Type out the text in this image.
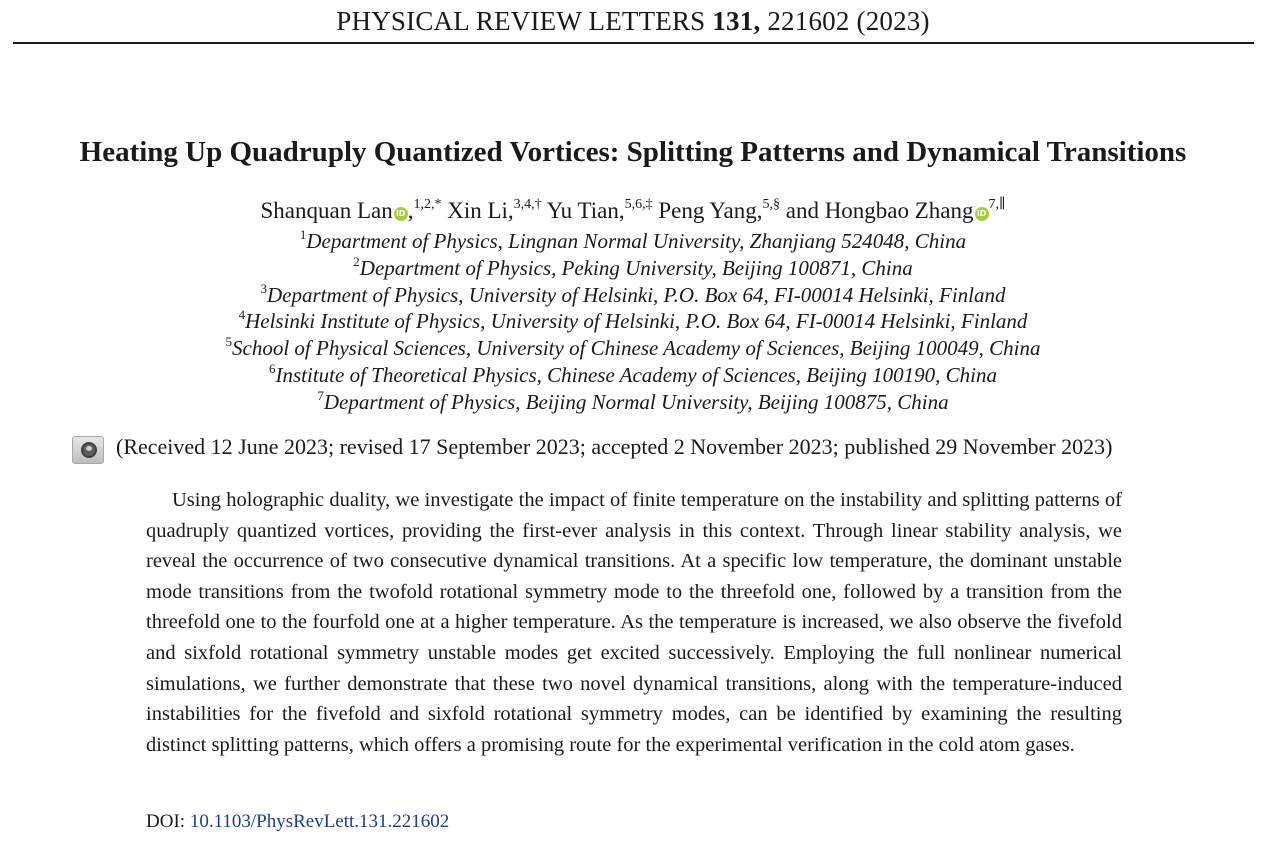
PHYSICAL REVIEW LETTERS 131, 221602 (2023)
Heating Up Quadruply Quantized Vortices: Splitting Patterns and Dynamical Transitions
Shanquan Lan iD ,$^{1,2,*}$ Xin Li,$^{3,4,\dagger}$ Yu Tian,$^{5,6,\ddagger}$ Peng Yang,$^{5,\S}$ and Hongbao Zhang $iD^{7,\parallel}$
$^1$Department of Physics, Lingnan Normal University, Zhanjiang 524048, China
$^2$Department of Physics, Peking University, Beijing 100871, China
$^3$Department of Physics, University of Helsinki, P.O. Box 64, FI-00014 Helsinki, Finland
$^4$Helsinki Institute of Physics, University of Helsinki, P.O. Box 64, FI-00014 Helsinki, Finland
$^5$School of Physical Sciences, University of Chinese Academy of Sciences, Beijing 100049, China
$^6$Institute of Theoretical Physics, Chinese Academy of Sciences, Beijing 100190, China
$^7$Department of Physics, Beijing Normal University, Beijing 100875, China
(Received 12 June 2023; revised 17 September 2023; accepted 2 November 2023; published 29 November 2023)

Using holographic duality, we investigate the impact of finite temperature on the instability and splitting patterns of quadruply quantized vortices, providing the first-ever analysis in this context. Through linear stability analysis, we reveal the occurrence of two consecutive dynamical transitions. At a specific low temperature, the dominant unstable mode transitions from the twofold rotational symmetry mode to the threefold one, followed by a transition from the threefold one to the fourfold one at a higher temperature. As the temperature is increased, we also observe the fivefold and sixfold rotational symmetry unstable modes get excited successively. Employing the full nonlinear numerical simulations, we further demonstrate that these two novel dynamical transitions, along with the temperature-induced instabilities for the fivefold and sixfold rotational symmetry modes, can be identified by examining the resulting distinct splitting patterns, which offers a promising route for the experimental verification in the cold atom gases.

DOI: 10.1103/PhysRevLett.131.221602
